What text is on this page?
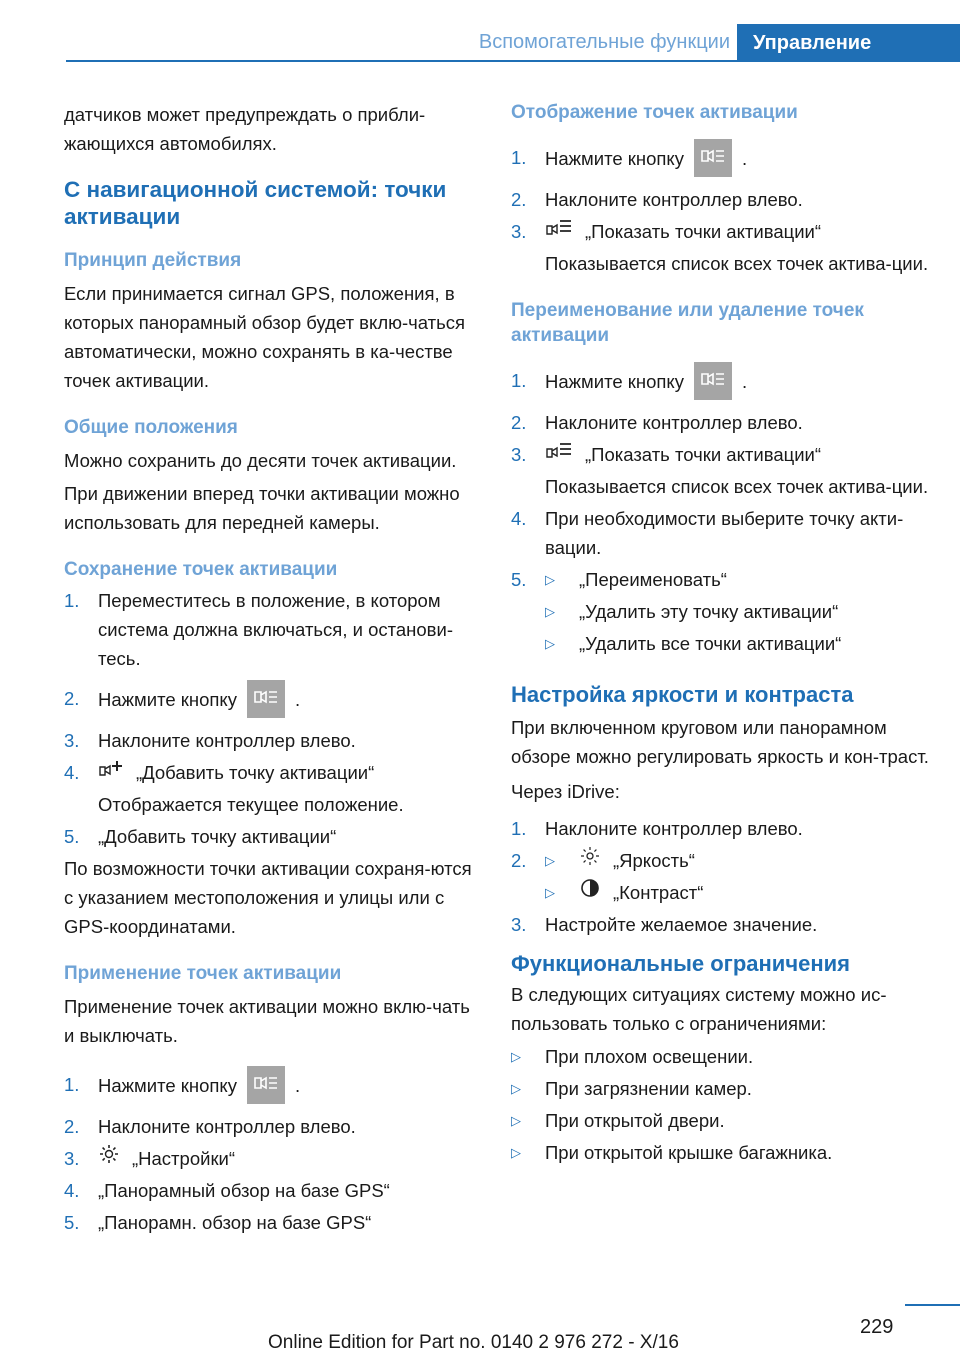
Вспомогательные функции	Управление

датчиков может предупреждать о прибли-
жающихся автомобилях.

С навигационной системой: точки активации
Принцип действия

Если принимается сигнал GPS, положения, в которых панорамный обзор будет вклю-чаться автоматически, можно сохранять в ка-честве точек активации.

Общие положения

Можно сохранить до десяти точек активации.

При движении вперед точки активации можно использовать для передней камеры.

Сохранение точек активации
1.	Переместитесь в положение, в котором система должна включаться, и останови-тесь.
2.	Нажмите кнопку	.
3.	Наклоните контроллер влево.
4.	„Добавить точку активации“

Отображается текущее положение.

5.	„Добавить точку активации“

По возможности точки активации сохраня-ются с указанием местоположения и улицы или с GPS-координатами.

Применение точек активации

Применение точек активации можно вклю-чать и выключать.

1.	Нажмите кнопку	.
2.	Наклоните контроллер влево.
3.	„Настройки“
4.	„Панорамный обзор на базе GPS“
5.	„Панорамн. обзор на базе GPS“
Отображение точек активации
1.	Нажмите кнопку	.
2.	Наклоните контроллер влево.
3.	„Показать точки активации“

Показывается список всех точек актива-ции.

Переименование или удаление точек активации
1.	Нажмите кнопку	.
2.	Наклоните контроллер влево.
3.	„Показать точки активации“

Показывается список всех точек актива-ции.

4.	При необходимости выберите точку акти-вации.
5.	▷	„Переименовать“
▷	„Удалить эту точку активации“
▷	„Удалить все точки активации“
Настройка яркости и контраста

При включенном круговом или панорамном обзоре можно регулировать яркость и кон-траст.

Через iDrive:

1.	Наклоните контроллер влево.
2.	▷	„Яркость“
▷	„Контраст“
3.	Настройте желаемое значение.
Функциональные ограничения

В следующих ситуациях систему можно ис-пользовать только с ограничениями:

▷	При плохом освещении.
▷	При загрязнении камер.
▷	При открытой двери.
▷	При открытой крышке багажника.
229
Online Edition for Part no. 0140 2 976 272 - X/16
